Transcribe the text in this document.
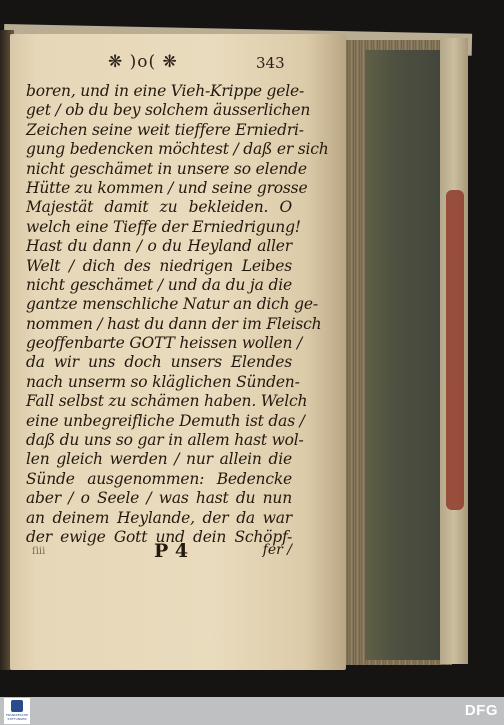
❋ )o( ❋	343
boren, und in eine Vieh-Krippe gele-
get / ob du bey solchem äusserlichen
Zeichen seine weit tieffere Erniedri-
gung bedencken möchtest / daß er sich
nicht geschämet in unsere so elende
Hütte zu kommen / und seine grosse
Majestät damit zu bekleiden. O
welch eine Tieffe der Erniedrigung!
Hast du dann / o du Heyland aller
Welt / dich des niedrigen Leibes
nicht geschämet / und da du ja die
gantze menschliche Natur an dich ge-
nommen / hast du dann der im Fleisch
geoffenbarte GOTT heissen wollen /
da wir uns doch unsers Elendes
nach unserm so kläglichen Sünden-
Fall selbst zu schämen haben. Welch
eine unbegreifliche Demuth ist das /
daß du uns so gar in allem hast wol-
len gleich werden / nur allein die
Sünde ausgenommen: Bedencke
aber / o Seele / was hast du nun
an deinem Heylande, der da war
der ewige Gott und dein Schöpf-
ſiii	P 4	fer /
FRANCKESCHE STIFTUNGEN	DFG
